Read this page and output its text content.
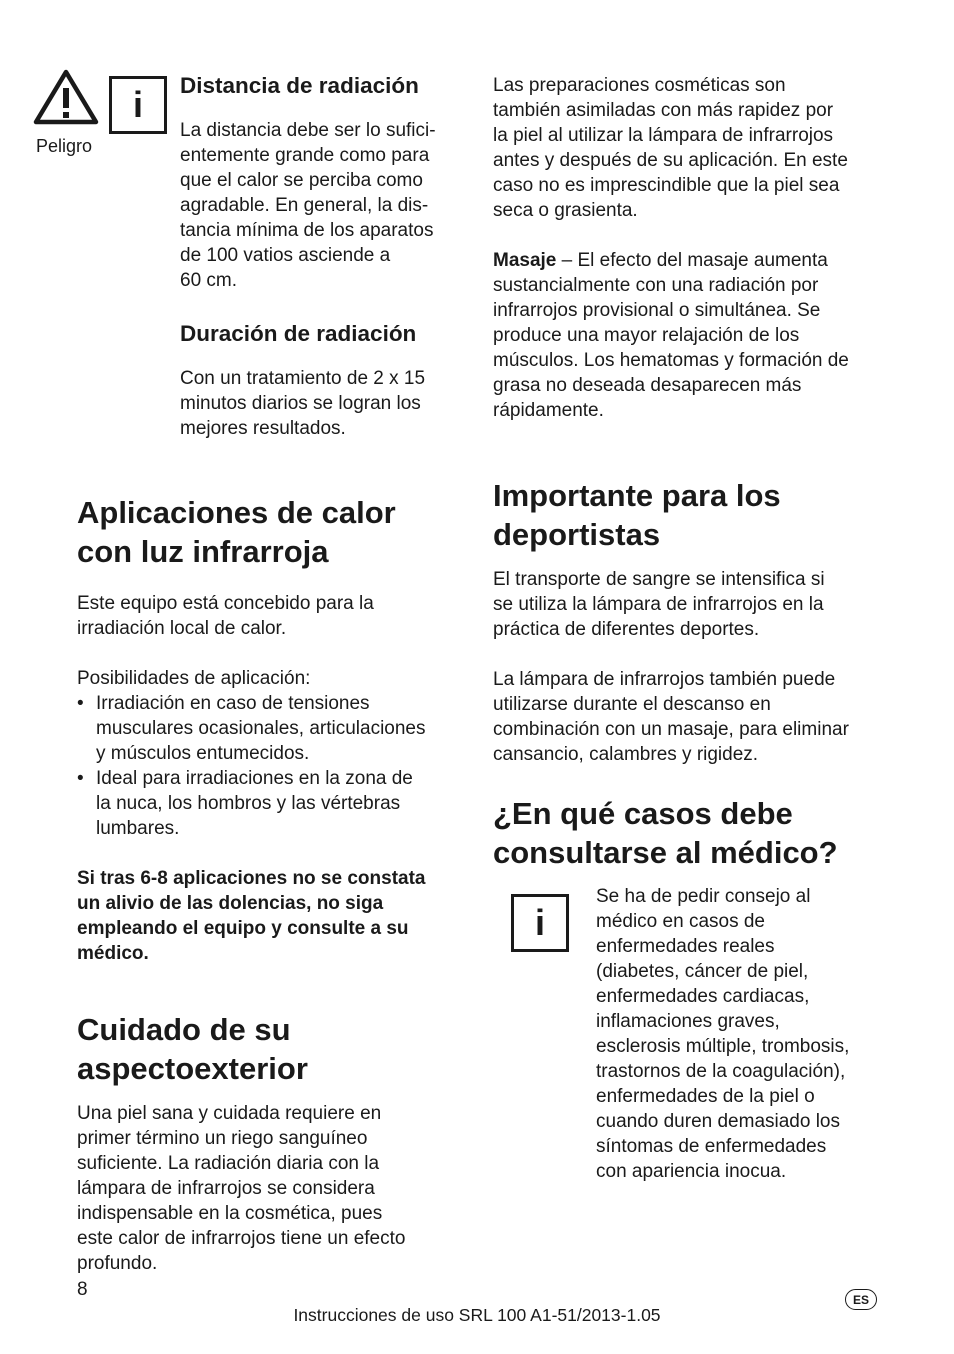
Peligro
i Distancia de radiación
La distancia debe ser lo sufici-
entemente grande como para
que el calor se perciba como
agradable. En general, la dis-
tancia mínima de los aparatos
de 100 vatios asciende a
60 cm.
Duración de radiación
Con un tratamiento de 2 x 15
minutos diarios se logran los
mejores resultados.
Aplicaciones de calor
con luz infrarroja
Este equipo está concebido para la
irradiación local de calor.
Posibilidades de aplicación:
• Irradiación en caso de tensiones
musculares ocasionales, articulaciones
y músculos entumecidos.
• Ideal para irradiaciones en la zona de
la nuca, los hombros y las vértebras
lumbares.
Si tras 6-8 aplicaciones no se constata
un alivio de las dolencias, no siga
empleando el equipo y consulte a su
médico.
Cuidado de su
aspectoexterior
Una piel sana y cuidada requiere en
primer término un riego sanguíneo
suficiente. La radiación diaria con la
lámpara de infrarrojos se considera
indispensable en la cosmética, pues
este calor de infrarrojos tiene un efecto
profundo.
Las preparaciones cosméticas son
también asimiladas con más rapidez por
la piel al utilizar la lámpara de infrarrojos
antes y después de su aplicación. En este
caso no es imprescindible que la piel sea
seca o grasienta.
Masaje – El efecto del masaje aumenta
sustancialmente con una radiación por
infrarrojos provisional o simultánea. Se
produce una mayor relajación de los
músculos. Los hematomas y formación de
grasa no deseada desaparecen más
rápidamente.
Importante para los
deportistas
El transporte de sangre se intensifica si
se utiliza la lámpara de infrarrojos en la
práctica de diferentes deportes.
La lámpara de infrarrojos también puede
utilizarse durante el descanso en
combinación con un masaje, para eliminar
cansancio, calambres y rigidez.
¿En qué casos debe
consultarse al médico?
i
Se ha de pedir consejo al
médico en casos de
enfermedades reales
(diabetes, cáncer de piel,
enfermedades cardiacas,
inflamaciones graves,
esclerosis múltiple, trombosis,
trastornos de la coagulación),
enfermedades de la piel o
cuando duren demasiado los
síntomas de enfermedades
con apariencia inocua.
8
Instrucciones de uso SRL 100 A1-51/2013-1.05
ES
